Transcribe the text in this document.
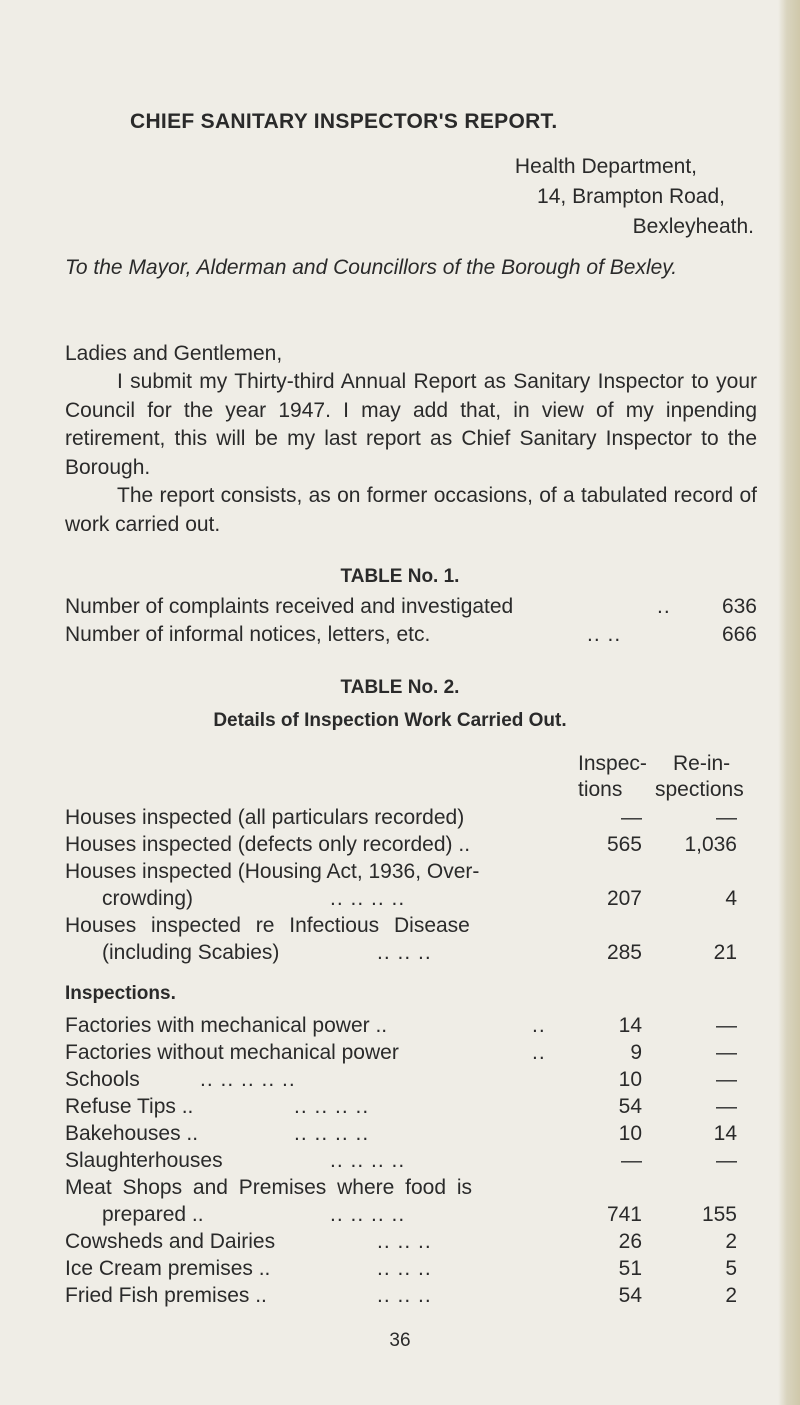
CHIEF SANITARY INSPECTOR'S REPORT.
Health Department,
14, Brampton Road,
Bexleyheath.
To the Mayor, Alderman and Councillors of the Borough of Bexley.
Ladies and Gentlemen,
I submit my Thirty-third Annual Report as Sanitary Inspector to your Council for the year 1947. I may add that, in view of my inpending retirement, this will be my last report as Chief Sanitary Inspector to the Borough.
The report consists, as on former occasions, of a tabulated record of work carried out.
TABLE No. 1.
Number of complaints received and investigated	.. 636
Number of informal notices, letters, etc.	.. ..	666
TABLE No. 2.
Details of Inspection Work Carried Out.
Inspec-
tions
Re-in-
spections
Houses inspected (all particulars recorded)	—	—
Houses inspected (defects only recorded) ..	565	1,036
Houses inspected (Housing Act, 1936, Over-
crowding)	.. .. .. ..	207	4
Houses inspected re Infectious Disease
(including Scabies)	.. .. ..	285	21
Inspections.
Factories with mechanical power ..	..	14	—
Factories without mechanical power	..	9	—
Schools	.. .. .. .. ..	10	—
Refuse Tips ..	.. .. .. ..	54	—
Bakehouses ..	.. .. .. ..	10	14
Slaughterhouses	.. .. .. ..	—	—
Meat Shops and Premises where food is
prepared ..	.. .. .. ..	741	155
Cowsheds and Dairies	.. .. ..	26	2
Ice Cream premises ..	.. .. ..	51	5
Fried Fish premises ..	.. .. ..	54	2
36
